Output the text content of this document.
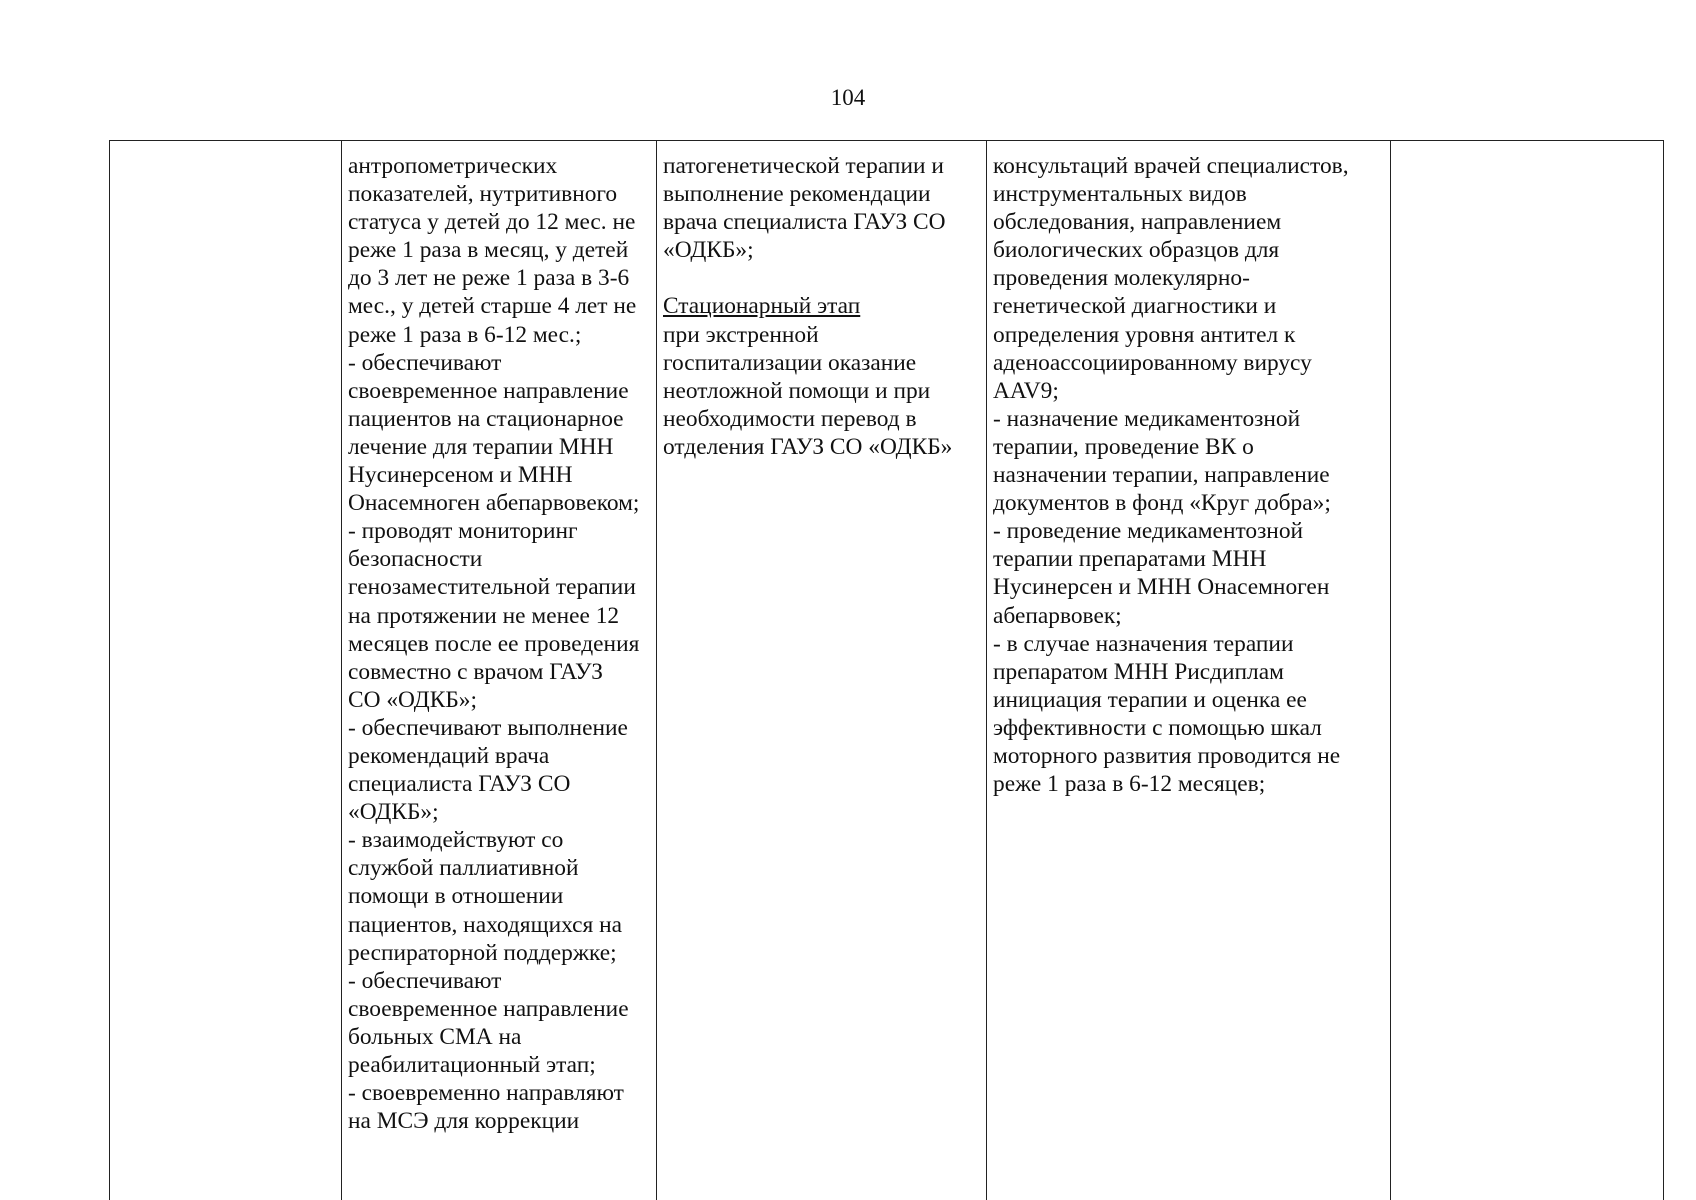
104
антропометрических
показателей, нутритивного
статуса у детей до 12 мес. не
реже 1 раза в месяц, у детей
до 3 лет не реже 1 раза в 3-6
мес., у детей старше 4 лет не
реже 1 раза в 6-12 мес.;
- обеспечивают
своевременное направление
пациентов на стационарное
лечение для терапии МНН
Нусинерсеном и МНН
Онасемноген абепарвовеком;
- проводят мониторинг
безопасности
генозаместительной терапии
на протяжении не менее 12
месяцев после ее проведения
совместно с врачом ГАУЗ
СО «ОДКБ»;
- обеспечивают выполнение
рекомендаций врача
специалиста ГАУЗ СО
«ОДКБ»;
- взаимодействуют со
службой паллиативной
помощи в отношении
пациентов, находящихся на
респираторной поддержке;
- обеспечивают
своевременное направление
больных СМА на
реабилитационный этап;
- своевременно направляют
на МСЭ для коррекции
патогенетической терапии и
выполнение рекомендации
врача специалиста ГАУЗ СО
«ОДКБ»;
Стационарный этап
при экстренной
госпитализации оказание
неотложной помощи и при
необходимости перевод в
отделения ГАУЗ СО «ОДКБ»
консультаций врачей специалистов,
инструментальных видов
обследования, направлением
биологических образцов для
проведения молекулярно-
генетической диагностики и
определения уровня антител к
аденоассоциированному вирусу
AAV9;
- назначение медикаментозной
терапии, проведение ВК о
назначении терапии, направление
документов в фонд «Круг добра»;
- проведение медикаментозной
терапии препаратами МНН
Нусинерсен и МНН Онасемноген
абепарвовек;
- в случае назначения терапии
препаратом МНН Рисдиплам
инициация терапии и оценка ее
эффективности с помощью шкал
моторного развития проводится не
реже 1 раза в 6-12 месяцев;
